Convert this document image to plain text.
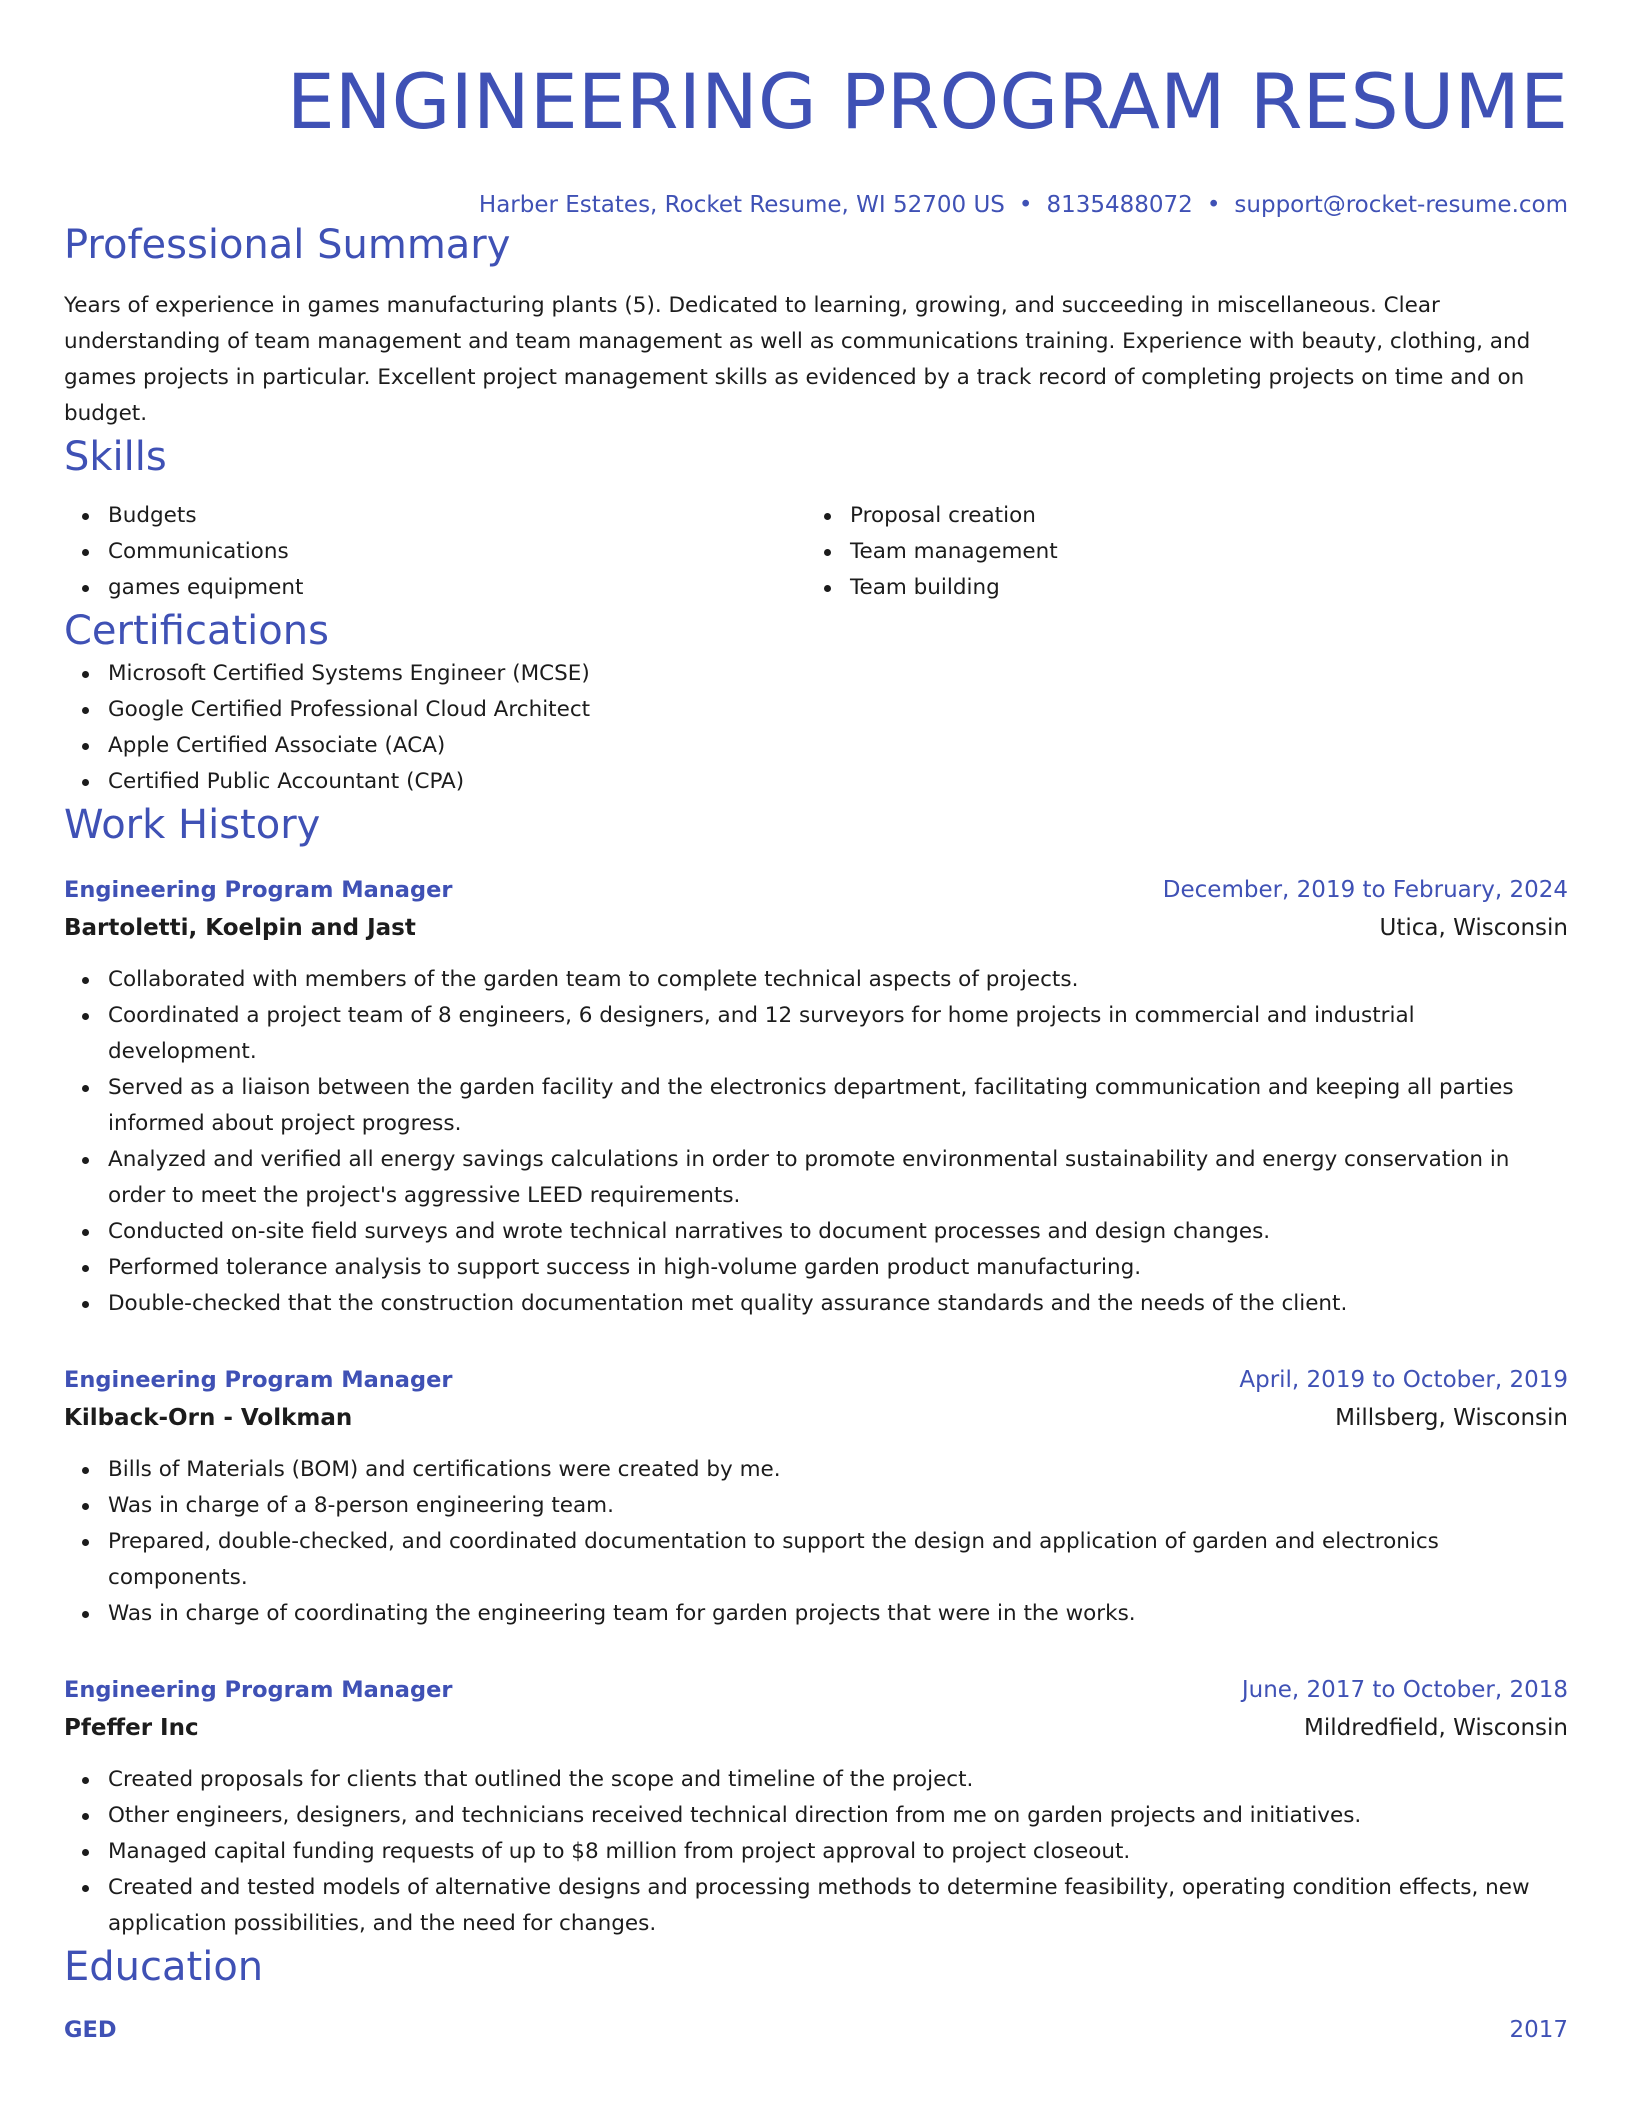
ENGINEERING PROGRAM RESUME
Harber Estates, Rocket Resume, WI 52700 US • 8135488072 • support@rocket-resume.com
Professional Summary

Years of experience in games manufacturing plants (5). Dedicated to learning, growing, and succeeding in miscellaneous. Clear understanding of team management and team management as well as communications training. Experience with beauty, clothing, and games projects in particular. Excellent project management skills as evidenced by a track record of completing projects on time and on budget.

Skills
Budgets
Communications
games equipment
Proposal creation
Team management
Team building
Certifications
Microsoft Certified Systems Engineer (MCSE)
Google Certified Professional Cloud Architect
Apple Certified Associate (ACA)
Certified Public Accountant (CPA)
Work History
Engineering Program Manager	December, 2019 to February, 2024
Bartoletti, Koelpin and Jast	Utica, Wisconsin
Collaborated with members of the garden team to complete technical aspects of projects.
Coordinated a project team of 8 engineers, 6 designers, and 12 surveyors for home projects in commercial and industrial development.
Served as a liaison between the garden facility and the electronics department, facilitating communication and keeping all parties informed about project progress.
Analyzed and verified all energy savings calculations in order to promote environmental sustainability and energy conservation in order to meet the project's aggressive LEED requirements.
Conducted on-site field surveys and wrote technical narratives to document processes and design changes.
Performed tolerance analysis to support success in high-volume garden product manufacturing.
Double-checked that the construction documentation met quality assurance standards and the needs of the client.
Engineering Program Manager	April, 2019 to October, 2019
Kilback-Orn - Volkman	Millsberg, Wisconsin
Bills of Materials (BOM) and certifications were created by me.
Was in charge of a 8-person engineering team.
Prepared, double-checked, and coordinated documentation to support the design and application of garden and electronics components.
Was in charge of coordinating the engineering team for garden projects that were in the works.
Engineering Program Manager	June, 2017 to October, 2018
Pfeffer Inc	Mildredfield, Wisconsin
Created proposals for clients that outlined the scope and timeline of the project.
Other engineers, designers, and technicians received technical direction from me on garden projects and initiatives.
Managed capital funding requests of up to $8 million from project approval to project closeout.
Created and tested models of alternative designs and processing methods to determine feasibility, operating condition effects, new application possibilities, and the need for changes.
Education
GED	2017
